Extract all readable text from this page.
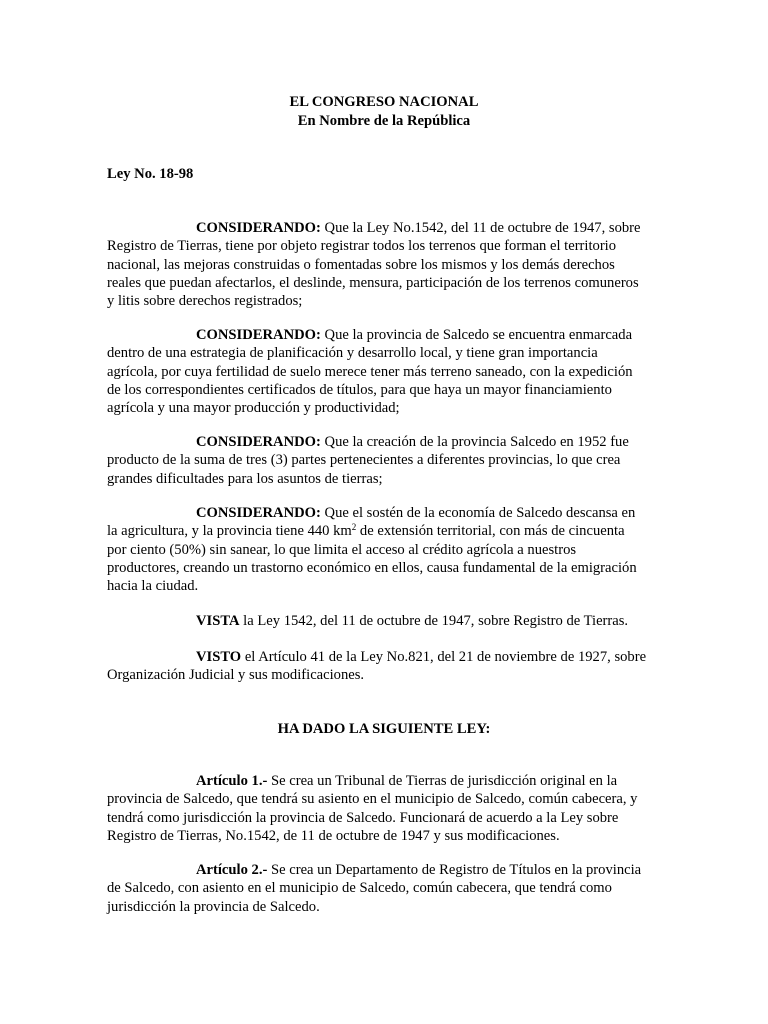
EL CONGRESO NACIONAL
En Nombre de la República
Ley No. 18-98
CONSIDERANDO: Que la Ley No.1542, del 11 de octubre de 1947, sobre
Registro de Tierras, tiene por objeto registrar todos los terrenos que forman el territorio
nacional, las mejoras construidas o fomentadas sobre los mismos y los demás derechos
reales que puedan afectarlos, el deslinde, mensura, participación de los terrenos comuneros
y litis sobre derechos registrados;
CONSIDERANDO: Que la provincia de Salcedo se encuentra enmarcada
dentro de una estrategia de planificación y desarrollo local, y tiene gran importancia
agrícola, por cuya fertilidad de suelo merece tener más terreno saneado, con la expedición
de los correspondientes certificados de títulos, para que haya un mayor financiamiento
agrícola y una mayor producción y productividad;
CONSIDERANDO: Que la creación de la provincia Salcedo en 1952 fue
producto de la suma de tres (3) partes pertenecientes a diferentes provincias, lo que crea
grandes dificultades para los asuntos de tierras;
CONSIDERANDO: Que el sostén de la economía de Salcedo descansa en
la agricultura, y la provincia tiene 440 $km^2$ de extensión territorial, con más de cincuenta
por ciento (50%) sin sanear, lo que limita el acceso al crédito agrícola a nuestros
productores, creando un trastorno económico en ellos, causa fundamental de la emigración
hacia la ciudad.
VISTA la Ley 1542, del 11 de octubre de 1947, sobre Registro de Tierras.
VISTO el Artículo 41 de la Ley No.821, del 21 de noviembre de 1927, sobre
Organización Judicial y sus modificaciones.
HA DADO LA SIGUIENTE LEY:
Artículo 1.- Se crea un Tribunal de Tierras de jurisdicción original en la
provincia de Salcedo, que tendrá su asiento en el municipio de Salcedo, común cabecera, y
tendrá como jurisdicción la provincia de Salcedo. Funcionará de acuerdo a la Ley sobre
Registro de Tierras, No.1542, de 11 de octubre de 1947 y sus modificaciones.
Artículo 2.- Se crea un Departamento de Registro de Títulos en la provincia
de Salcedo, con asiento en el municipio de Salcedo, común cabecera, que tendrá como
jurisdicción la provincia de Salcedo.
